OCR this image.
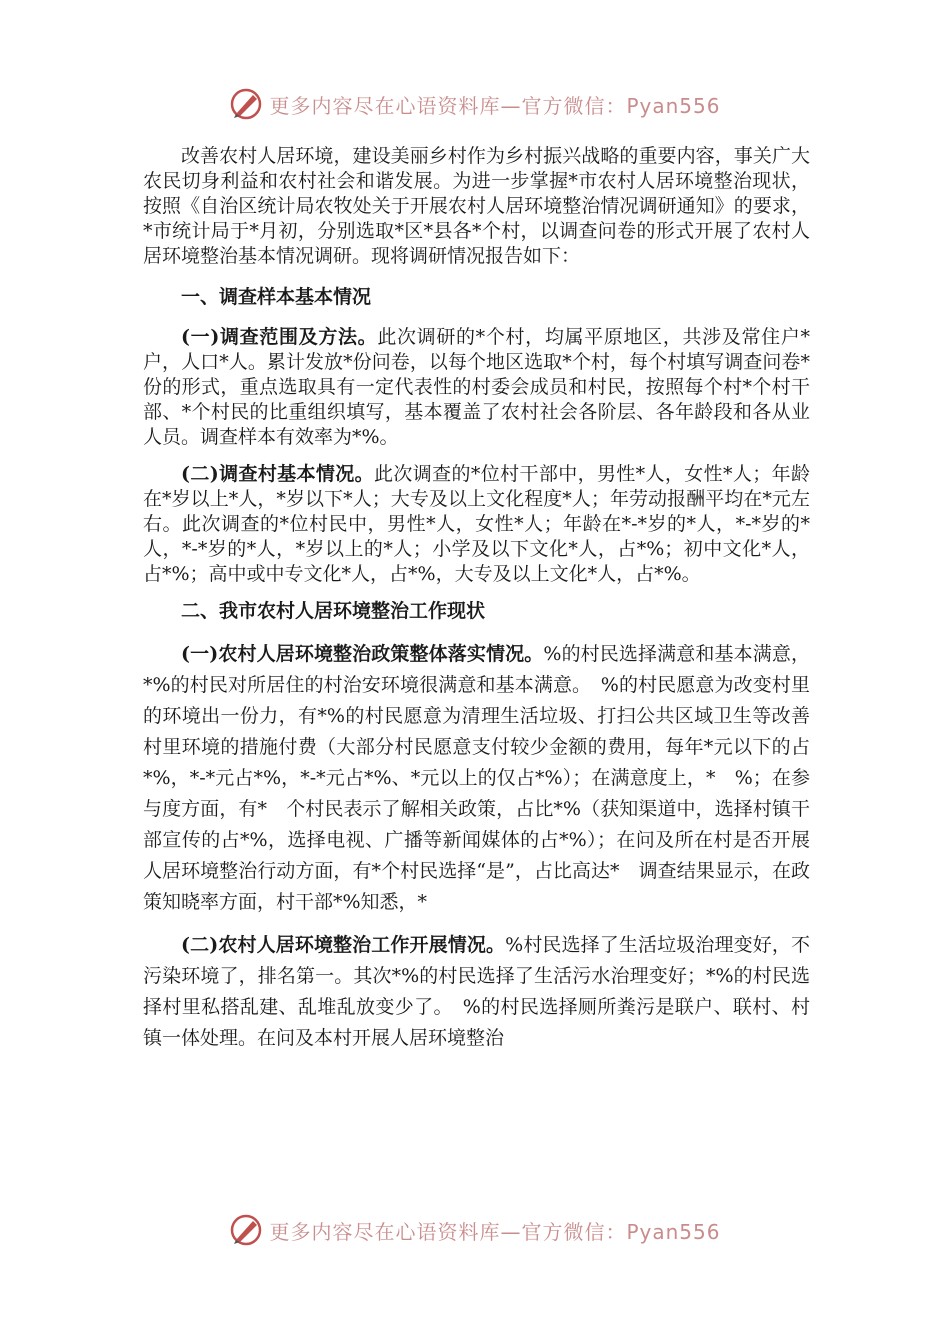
更多内容尽在心语资料库—官方微信：Pyan556

改善农村人居环境，建设美丽乡村作为乡村振兴战略的重要内容，事关广大农民切身利益和农村社会和谐发展。为进一步掌握*市农村人居环境整治现状，按照《自治区统计局农牧处关于开展农村人居环境整治情况调研通知》的要求，*市统计局于*月初，分别选取*区*县各*个村，以调查问卷的形式开展了农村人居环境整治基本情况调研。现将调研情况报告如下：

一、调查样本基本情况

(一)调查范围及方法。此次调研的*个村，均属平原地区，共涉及常住户*户，人口*人。累计发放*份问卷，以每个地区选取*个村，每个村填写调查问卷*份的形式，重点选取具有一定代表性的村委会成员和村民，按照每个村*个村干部、*个村民的比重组织填写，基本覆盖了农村社会各阶层、各年龄段和各从业人员。调查样本有效率为*%。

(二)调查村基本情况。此次调查的*位村干部中，男性*人，女性*人；年龄在*岁以上*人，*岁以下*人；大专及以上文化程度*人；年劳动报酬平均在*元左右。此次调查的*位村民中，男性*人，女性*人；年龄在*-*岁的*人，*-*岁的*人，*-*岁的*人，*岁以上的*人；小学及以下文化*人，占*%；初中文化*人，占*%；高中或中专文化*人，占*%，大专及以上文化*人，占*%。

二、我市农村人居环境整治工作现状

(一)农村人居环境整治政策整体落实情况。%的村民选择满意和基本满意，*%的村民对所居住的村治安环境很满意和基本满意。　%的村民愿意为改变村里的环境出一份力，有*%的村民愿意为清理生活垃圾、打扫公共区域卫生等改善村里环境的措施付费（大部分村民愿意支付较少金额的费用，每年*元以下的占*%，*-*元占*%，*-*元占*%、*元以上的仅占*%）；在满意度上，*　%；在参与度方面，有*　个村民表示了解相关政策，占比*%（获知渠道中，选择村镇干部宣传的占*%，选择电视、广播等新闻媒体的占*%）；在问及所在村是否开展人居环境整治行动方面，有*个村民选择“是”，占比高达*　调查结果显示，在政策知晓率方面，村干部*%知悉，*

(二)农村人居环境整治工作开展情况。%村民选择了生活垃圾治理变好，不污染环境了，排名第一。其次*%的村民选择了生活污水治理变好；*%的村民选择村里私搭乱建、乱堆乱放变少了。　%的村民选择厕所粪污是联户、联村、村镇一体处理。在问及本村开展人居环境整治

更多内容尽在心语资料库—官方微信：Pyan556
